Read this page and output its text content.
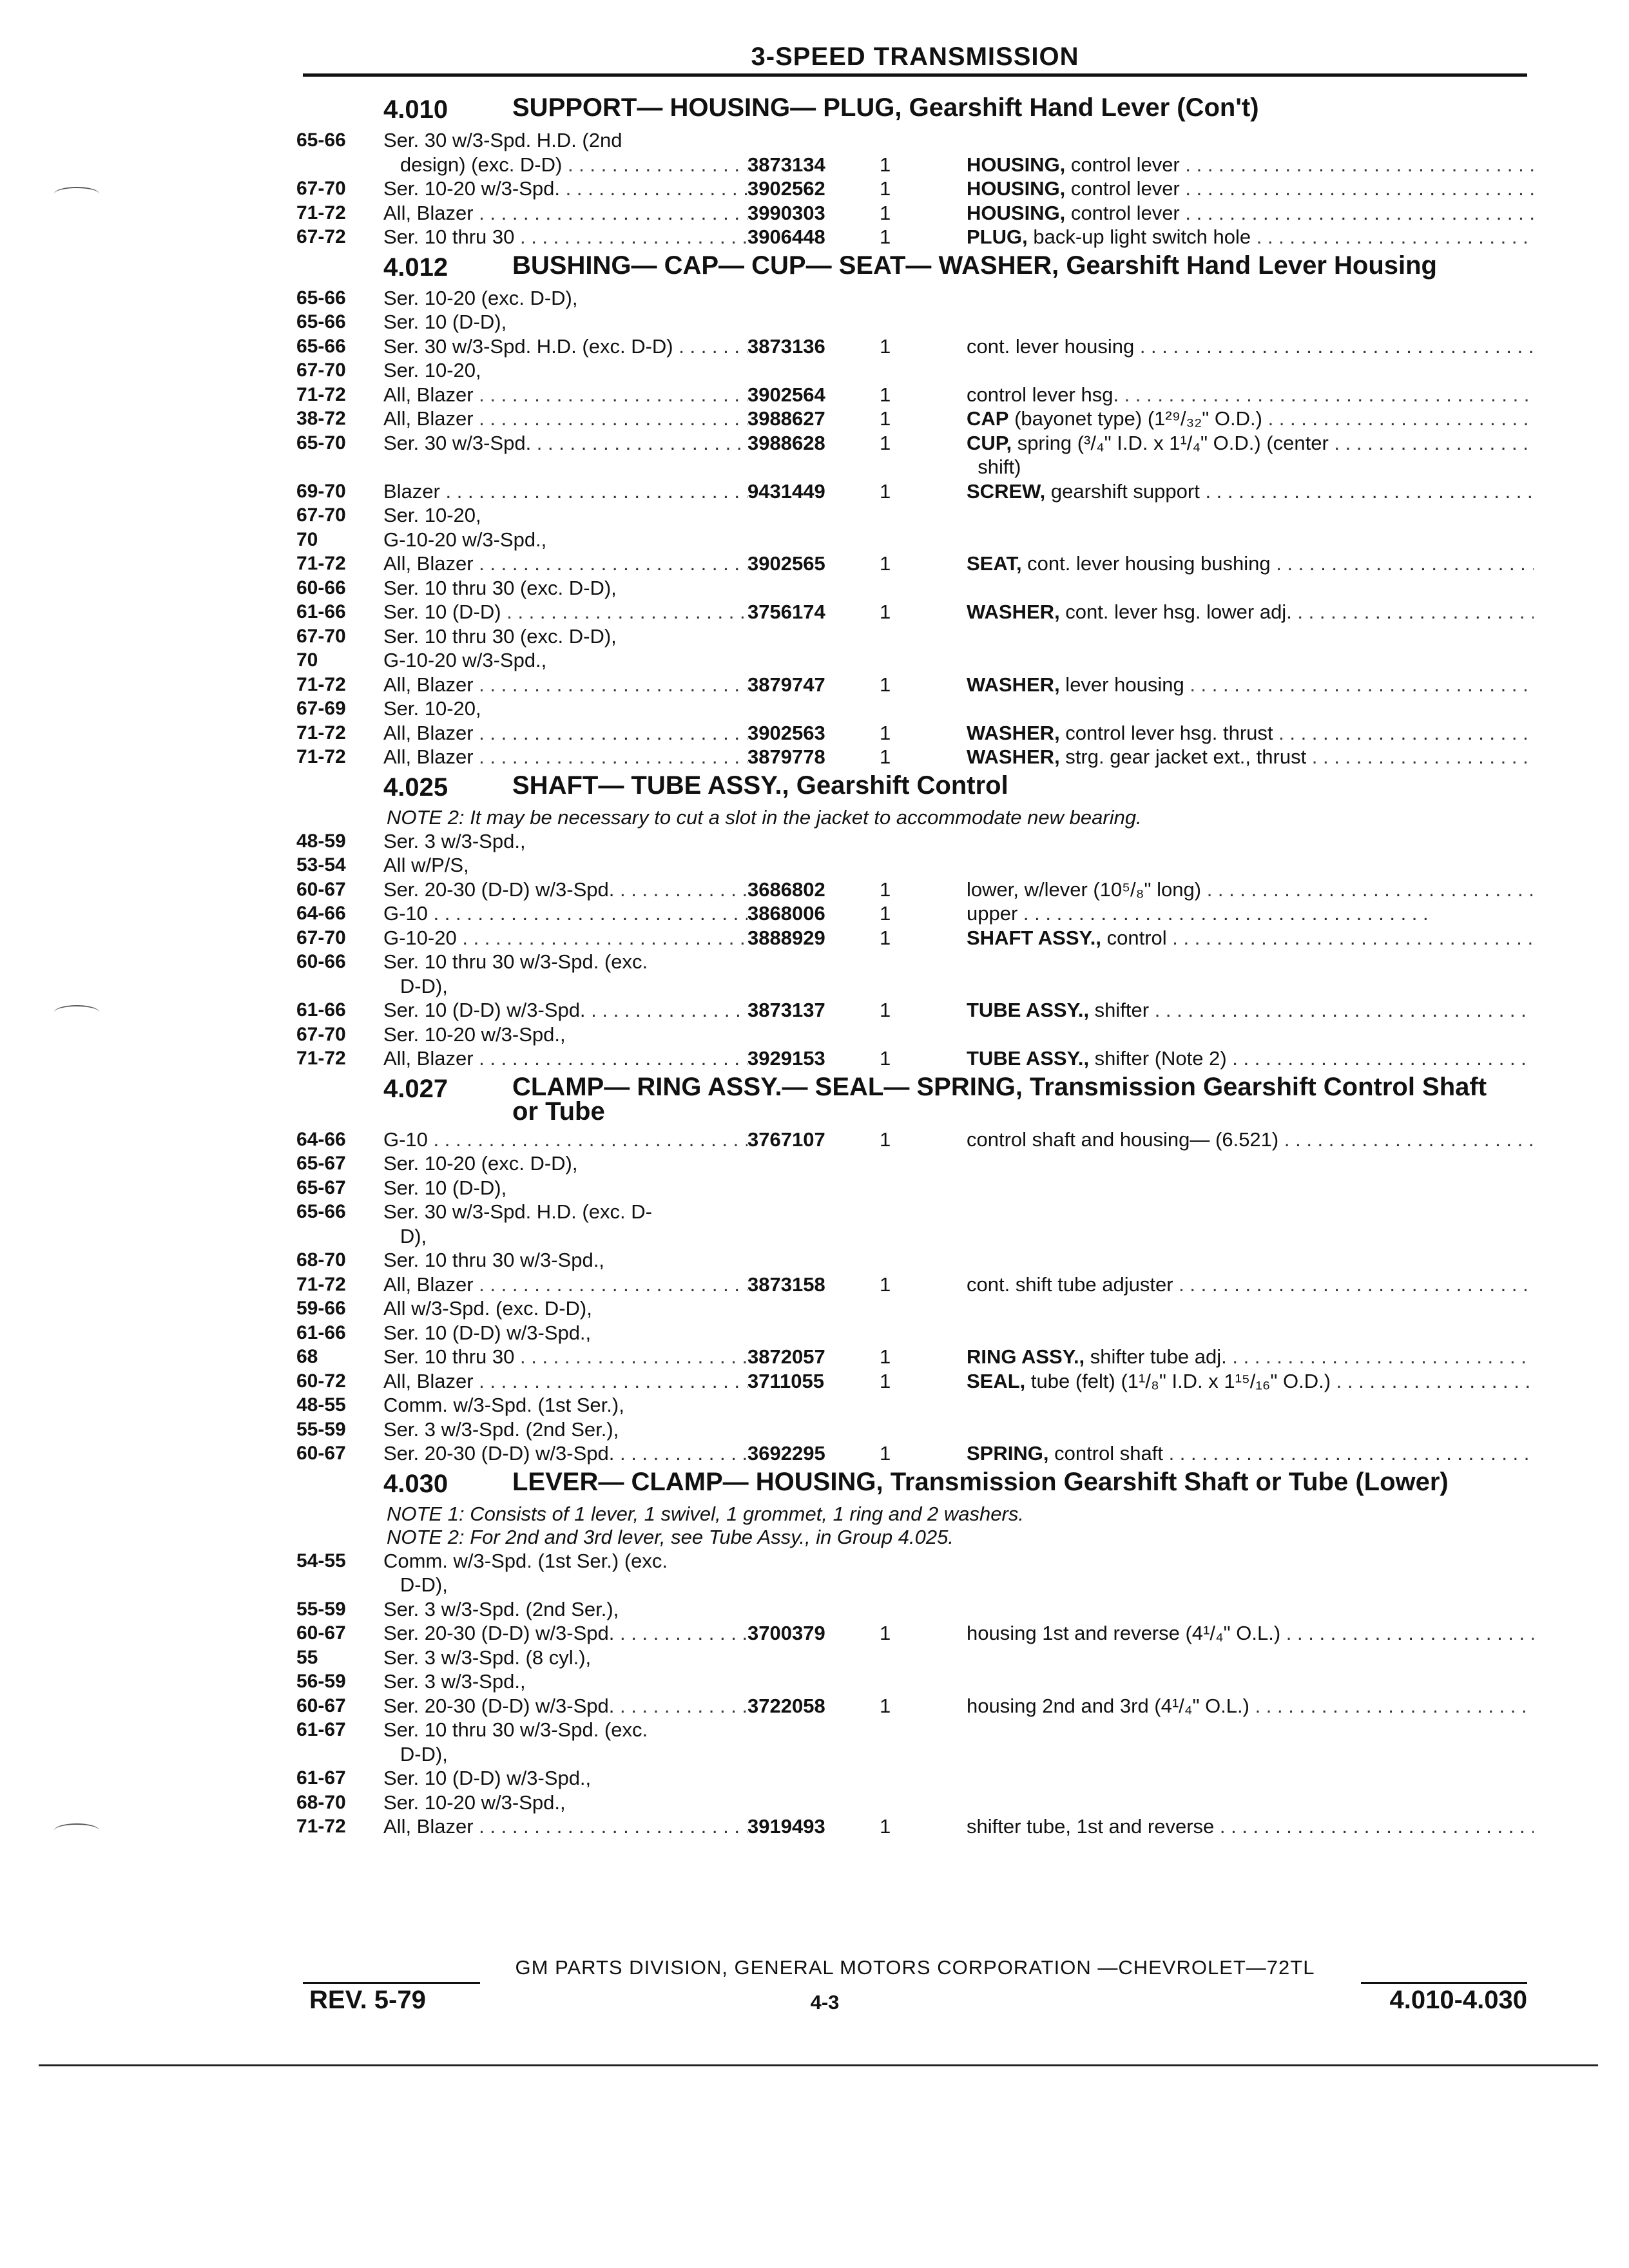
3-SPEED TRANSMISSION
4.010	SUPPORT— HOUSING— PLUG, Gearshift Hand Lever (Con't)
65-66	Ser. 30 w/3-Spd. H.D. (2nd
design) (exc. D-D) . . .	3873134	1	HOUSING, control lever . . .
67-70	Ser. 10-20 w/3-Spd. . . .	3902562	1	HOUSING, control lever . . .
71-72	All, Blazer . . .	3990303	1	HOUSING, control lever . . .
67-72	Ser. 10 thru 30 . . .	3906448	1	PLUG, back-up light switch hole . . .
4.012	BUSHING— CAP— CUP— SEAT— WASHER, Gearshift Hand Lever Housing
65-66	Ser. 10-20 (exc. D-D),
65-66	Ser. 10 (D-D),
65-66	Ser. 30 w/3-Spd. H.D. (exc. D-D) . . .	3873136	1	cont. lever housing . . .
67-70	Ser. 10-20,
71-72	All, Blazer . . .	3902564	1	control lever hsg. . . .
38-72	All, Blazer . . .	3988627	1	CAP (bayonet type) (1²⁹/₃₂" O.D.) . . .
65-70	Ser. 30 w/3-Spd. . . .	3988628	1	CUP, spring (³/₄" I.D. x 1¹/₄" O.D.) (center . . .
shift)
69-70	Blazer . . .	9431449	1	SCREW, gearshift support . . .
67-70	Ser. 10-20,
70	G-10-20 w/3-Spd.,
71-72	All, Blazer . . .	3902565	1	SEAT, cont. lever housing bushing . . .
60-66	Ser. 10 thru 30 (exc. D-D),
61-66	Ser. 10 (D-D) . . .	3756174	1	WASHER, cont. lever hsg. lower adj. . . .
67-70	Ser. 10 thru 30 (exc. D-D),
70	G-10-20 w/3-Spd.,
71-72	All, Blazer . . .	3879747	1	WASHER, lever housing . . .
67-69	Ser. 10-20,
71-72	All, Blazer . . .	3902563	1	WASHER, control lever hsg. thrust . . .
71-72	All, Blazer . . .	3879778	1	WASHER, strg. gear jacket ext., thrust . . .
4.025	SHAFT— TUBE ASSY., Gearshift Control
NOTE 2: It may be necessary to cut a slot in the jacket to accommodate new bearing.
48-59	Ser. 3 w/3-Spd.,
53-54	All w/P/S,
60-67	Ser. 20-30 (D-D) w/3-Spd. . . .	3686802	1	lower, w/lever (10⁵/₈" long) . . .
64-66	G-10 . . .	3868006	1	upper . . .
67-70	G-10-20 . . .	3888929	1	SHAFT ASSY., control . . .
60-66	Ser. 10 thru 30 w/3-Spd. (exc.
D-D),
61-66	Ser. 10 (D-D) w/3-Spd. . . .	3873137	1	TUBE ASSY., shifter . . .
67-70	Ser. 10-20 w/3-Spd.,
71-72	All, Blazer . . .	3929153	1	TUBE ASSY., shifter (Note 2) . . .
4.027	CLAMP— RING ASSY.— SEAL— SPRING, Transmission Gearshift Control Shaft or Tube
64-66	G-10 . . .	3767107	1	control shaft and housing— (6.521) . . .
65-67	Ser. 10-20 (exc. D-D),
65-67	Ser. 10 (D-D),
65-66	Ser. 30 w/3-Spd. H.D. (exc. D-
D),
68-70	Ser. 10 thru 30 w/3-Spd.,
71-72	All, Blazer . . .	3873158	1	cont. shift tube adjuster . . .
59-66	All w/3-Spd. (exc. D-D),
61-66	Ser. 10 (D-D) w/3-Spd.,
68	Ser. 10 thru 30 . . .	3872057	1	RING ASSY., shifter tube adj. . . .
60-72	All, Blazer . . .	3711055	1	SEAL, tube (felt) (1¹/₈" I.D. x 1¹⁵/₁₆" O.D.) . . .
48-55	Comm. w/3-Spd. (1st Ser.),
55-59	Ser. 3 w/3-Spd. (2nd Ser.),
60-67	Ser. 20-30 (D-D) w/3-Spd. . . .	3692295	1	SPRING, control shaft . . .
4.030	LEVER— CLAMP— HOUSING, Transmission Gearshift Shaft or Tube (Lower)
NOTE 1: Consists of 1 lever, 1 swivel, 1 grommet, 1 ring and 2 washers.
NOTE 2: For 2nd and 3rd lever, see Tube Assy., in Group 4.025.
54-55	Comm. w/3-Spd. (1st Ser.) (exc.
D-D),
55-59	Ser. 3 w/3-Spd. (2nd Ser.),
60-67	Ser. 20-30 (D-D) w/3-Spd. . . .	3700379	1	housing 1st and reverse (4¹/₄" O.L.) . . .
55	Ser. 3 w/3-Spd. (8 cyl.),
56-59	Ser. 3 w/3-Spd.,
60-67	Ser. 20-30 (D-D) w/3-Spd. . . .	3722058	1	housing 2nd and 3rd (4¹/₄" O.L.) . . .
61-67	Ser. 10 thru 30 w/3-Spd. (exc.
D-D),
61-67	Ser. 10 (D-D) w/3-Spd.,
68-70	Ser. 10-20 w/3-Spd.,
71-72	All, Blazer . . .	3919493	1	shifter tube, 1st and reverse . . .
GM PARTS DIVISION, GENERAL MOTORS CORPORATION —CHEVROLET—72TL
REV. 5-79	4-3	4.010-4.030
